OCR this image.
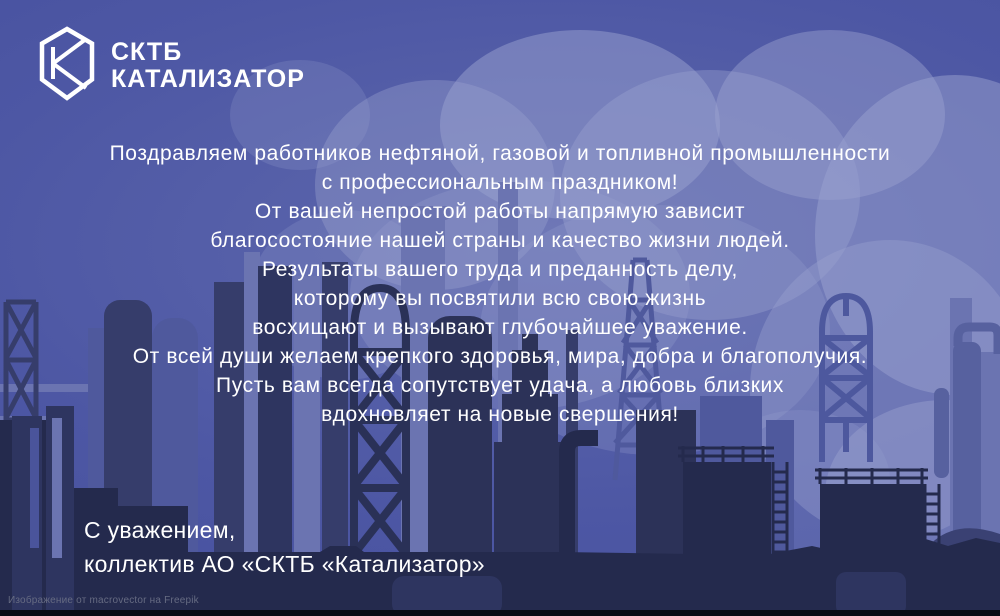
СКТБ
КАТАЛИЗАТОР
Поздравляем работников нефтяной, газовой и топливной промышленности
с профессиональным праздником!
От вашей непростой работы напрямую зависит
благосостояние нашей страны и качество жизни людей.
Результаты вашего труда и преданность делу,
которому вы посвятили всю свою жизнь
восхищают и вызывают глубочайшее уважение.
От всей души желаем крепкого здоровья, мира, добра и благополучия.
Пусть вам всегда сопутствует удача, а любовь близких
вдохновляет на новые свершения!
С уважением,
коллектив АО «СКТБ «Катализатор»
Изображение от macrovector на Freepik
